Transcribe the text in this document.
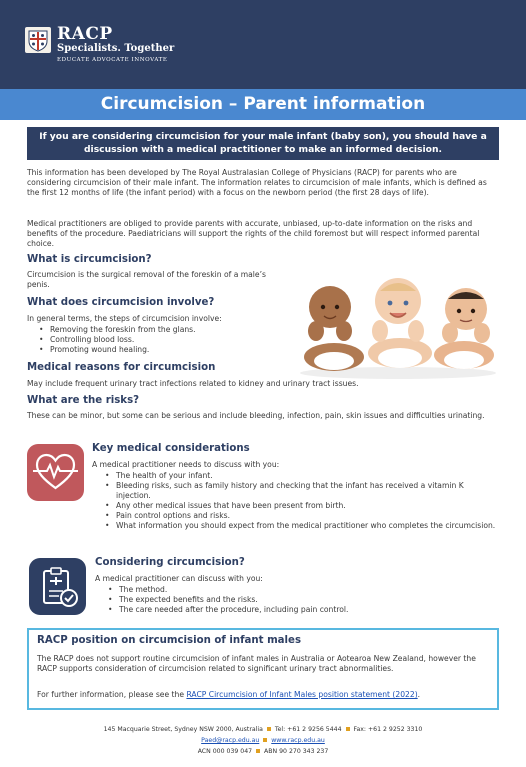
RACP
Specialists. Together
EDUCATE ADVOCATE INNOVATE
Circumcision – Parent information
If you are considering circumcision for your male infant (baby son), you should have a discussion with a medical practitioner to make an informed decision.

This information has been developed by The Royal Australasian College of Physicians (RACP) for parents who are considering circumcision of their male infant. The information relates to circumcision of male infants, which is defined as the first 12 months of life (the infant period) with a focus on the newborn period (the first 28 days of life).

Medical practitioners are obliged to provide parents with accurate, unbiased, up-to-date information on the risks and benefits of the procedure. Paediatricians will support the rights of the child foremost but will respect informed parental choice.

What is circumcision?

Circumcision is the surgical removal of the foreskin of a male’s penis.

What does circumcision involve?

In general terms, the steps of circumcision involve:

• Removing the foreskin from the glans.
• Controlling blood loss.
• Promoting wound healing.
Medical reasons for circumcision

May include frequent urinary tract infections related to kidney and urinary tract issues.

What are the risks?

These can be minor, but some can be serious and include bleeding, infection, pain, skin issues and difficulties urinating.

Key medical considerations

A medical practitioner needs to discuss with you:

• The health of your infant.
• Bleeding risks, such as family history and checking that the infant has received a vitamin K injection.
• Any other medical issues that have been present from birth.
• Pain control options and risks.
• What information you should expect from the medical practitioner who completes the circumcision.
Considering circumcision?

A medical practitioner can discuss with you:

• The method.
• The expected benefits and the risks.
• The care needed after the procedure, including pain control.
RACP position on circumcision of infant males

The RACP does not support routine circumcision of infant males in Australia or Aotearoa New Zealand, however the RACP supports consideration of circumcision related to significant urinary tract abnormalities.

For further information, please see the RACP Circumcision of Infant Males position statement (2022).

145 Macquarie Street, Sydney NSW 2000, Australia Tel: +61 2 9256 5444 Fax: +61 2 9252 3310
Paed@racp.edu.au www.racp.edu.au
ACN 000 039 047 ABN 90 270 343 237
